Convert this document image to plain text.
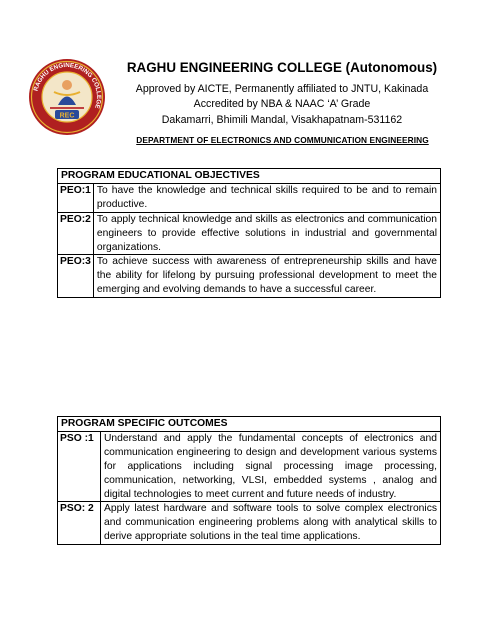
RAGHU ENGINEERING COLLEGE
REC
RAGHU ENGINEERING COLLEGE (Autonomous)
Approved by AICTE, Permanently affiliated to JNTU, Kakinada
Accredited by NBA & NAAC ‘A’ Grade
Dakamarri, Bhimili Mandal, Visakhapatnam-531162
DEPARTMENT OF ELECTRONICS AND COMMUNICATION ENGINEERING
PROGRAM EDUCATIONAL OBJECTIVES	
PEO:1	To have the knowledge and technical skills required to be and to remain productive.
PEO:2	To apply technical knowledge and skills as electronics and communication engineers to provide effective solutions in industrial and governmental organizations.
PEO:3	To achieve success with awareness of entrepreneurship skills and have the ability for lifelong by pursuing professional development to meet the emerging and evolving demands to have a successful career.
PROGRAM SPECIFIC OUTCOMES	
PSO :1	Understand and apply the fundamental concepts of electronics and communication engineering to design and development various systems for applications including signal processing image processing, communication, networking, VLSI, embedded systems , analog and digital technologies to meet current and future needs of industry.
PSO: 2	Apply latest hardware and software tools to solve complex electronics and communication engineering problems along with analytical skills to derive appropriate solutions in the teal time applications.
